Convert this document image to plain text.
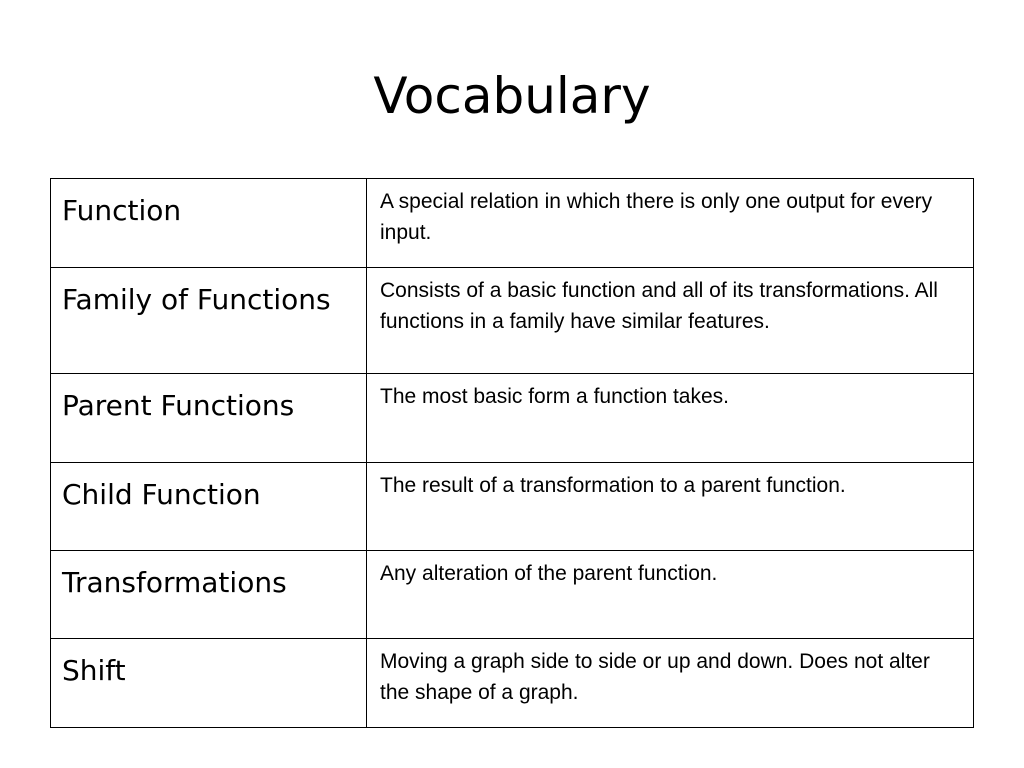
Vocabulary
Function	A special relation in which there is only one output for every input.

Family of Functions	Consists of a basic function and all of its transformations. All functions in a family have similar features.

Parent Functions	The most basic form a function takes.

Child Function	The result of a transformation to a parent function.

Transformations	Any alteration of the parent function.

Shift	Moving a graph side to side or up and down. Does not alter the shape of a graph.
